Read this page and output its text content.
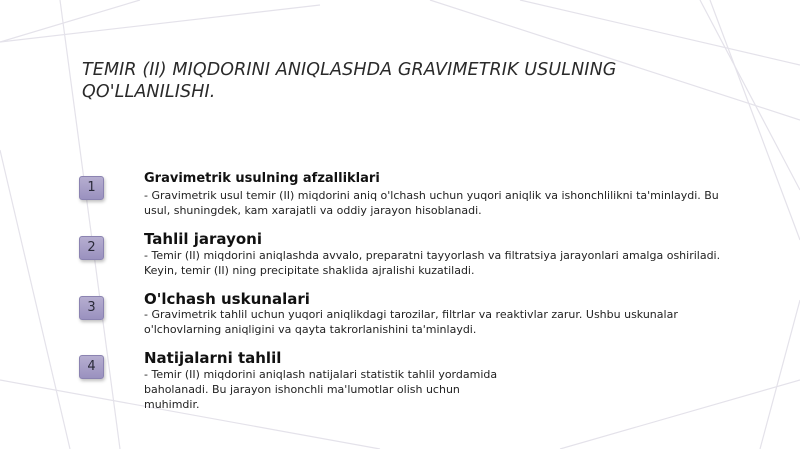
TEMIR (II) MIQDORINI ANIQLASHDA GRAVIMETRIK USULNING QO'LLANILISHI.
1
Gravimetrik usulning afzalliklari
- Gravimetrik usul temir (II) miqdorini aniq o'lchash uchun yuqori aniqlik va ishonchlilikni ta'minlaydi. Bu usul, shuningdek, kam xarajatli va oddiy jarayon hisoblanadi.
2	Tahlil jarayoni
- Temir (II) miqdorini aniqlashda avvalo, preparatni tayyorlash va filtratsiya jarayonlari amalga oshiriladi. Keyin, temir (II) ning precipitate shaklida ajralishi kuzatiladi.
3	O'lchash uskunalari
- Gravimetrik tahlil uchun yuqori aniqlikdagi tarozilar, filtrlar va reaktivlar zarur. Ushbu uskunalar o'lchovlarning aniqligini va qayta takrorlanishini ta'minlaydi.
4	Natijalarni tahlil
- Temir (II) miqdorini aniqlash natijalari statistik tahlil yordamida baholanadi. Bu jarayon ishonchli ma'lumotlar olish uchun muhimdir.
